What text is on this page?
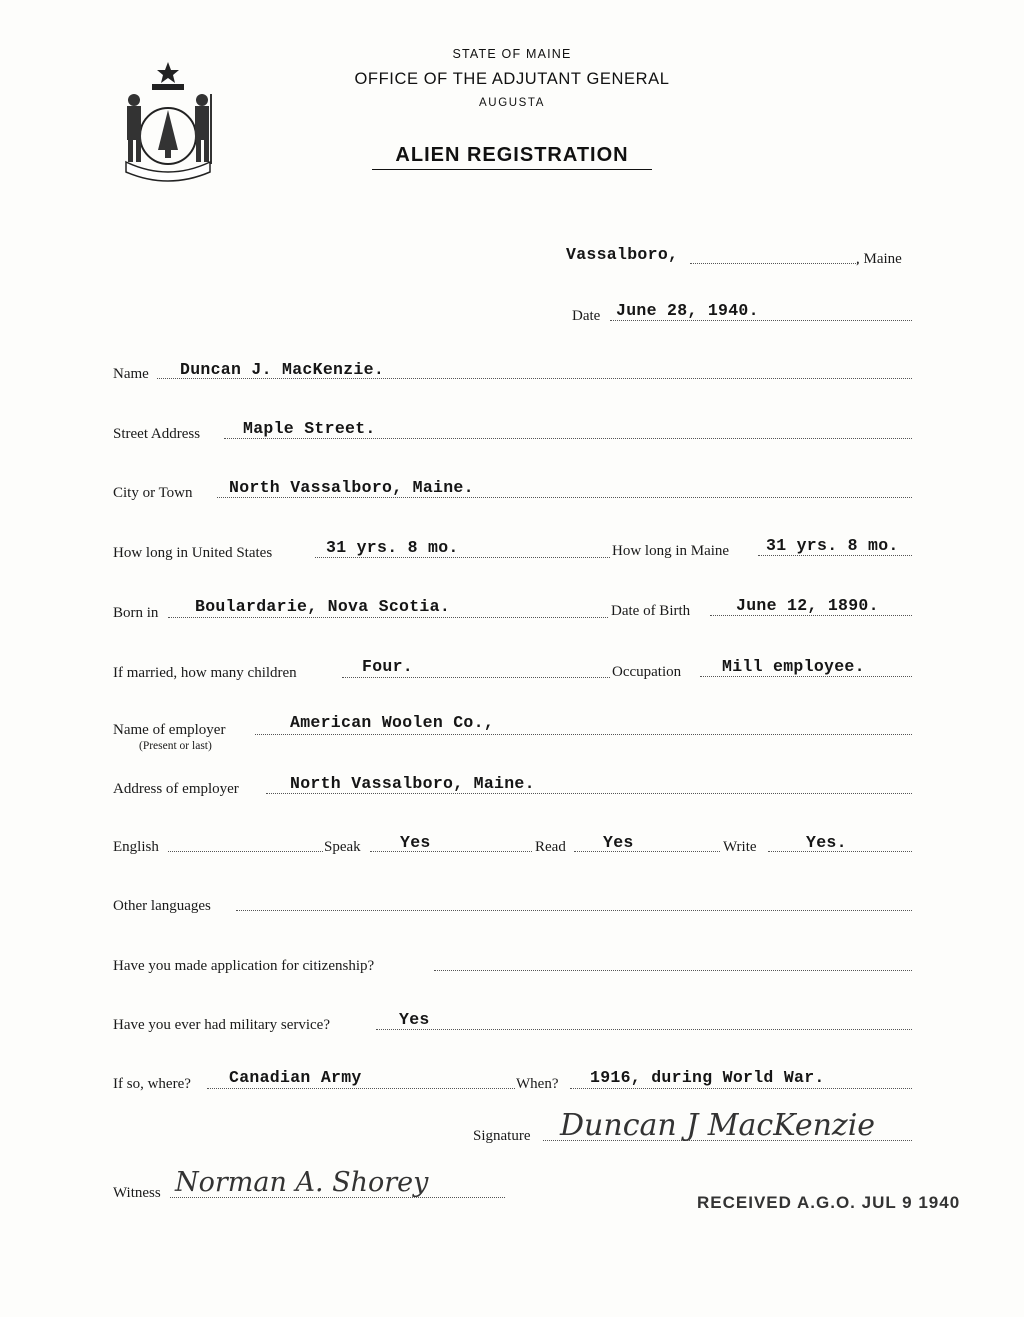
STATE OF MAINE
OFFICE OF THE ADJUTANT GENERAL
AUGUSTA
ALIEN REGISTRATION
Vassalboro,	, Maine
Date June 28, 1940.
Name Duncan J. MacKenzie.
Street Address	Maple Street.
City or Town North Vassalboro, Maine.
How long in United States	31 yrs. 8 mo.	How long in Maine 31 yrs. 8 mo.
Born in Boulardarie, Nova Scotia.	Date of Birth	June 12, 1890.
If married, how many children	Four.	Occupation Mill employee.
Name of employer
(Present or last)
American Woolen Co.,
Address of employer	North Vassalboro, Maine.
English	Speak Yes	Read Yes	Write	Yes.
Other languages
Have you made application for citizenship?
Have you ever had military service?	Yes
If so, where? Canadian Army	When? 1916, during World War.
Signature Duncan J MacKenzie
Witness Norman A. Shorey
RECEIVED A.G.O. JUL 9 1940
